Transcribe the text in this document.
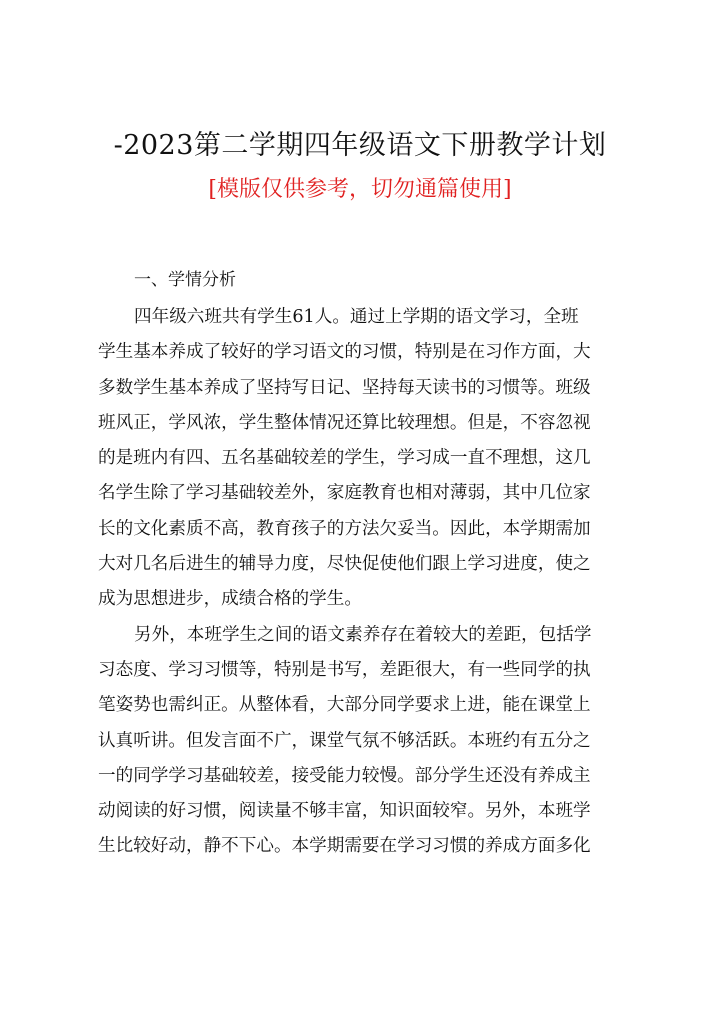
-2023第二学期四年级语文下册教学计划
[模版仅供参考，切勿通篇使用]
一、学情分析
四年级六班共有学生61人。通过上学期的语文学习，全班
学生基本养成了较好的学习语文的习惯，特别是在习作方面，大
多数学生基本养成了坚持写日记、坚持每天读书的习惯等。班级
班风正，学风浓，学生整体情况还算比较理想。但是，不容忽视
的是班内有四、五名基础较差的学生，学习成一直不理想，这几
名学生除了学习基础较差外，家庭教育也相对薄弱，其中几位家
长的文化素质不高，教育孩子的方法欠妥当。因此，本学期需加
大对几名后进生的辅导力度，尽快促使他们跟上学习进度，使之
成为思想进步，成绩合格的学生。
另外，本班学生之间的语文素养存在着较大的差距，包括学
习态度、学习习惯等，特别是书写，差距很大，有一些同学的执
笔姿势也需纠正。从整体看，大部分同学要求上进，能在课堂上
认真听讲。但发言面不广，课堂气氛不够活跃。本班约有五分之
一的同学学习基础较差，接受能力较慢。部分学生还没有养成主
动阅读的好习惯，阅读量不够丰富，知识面较窄。另外，本班学
生比较好动，静不下心。本学期需要在学习习惯的养成方面多化
